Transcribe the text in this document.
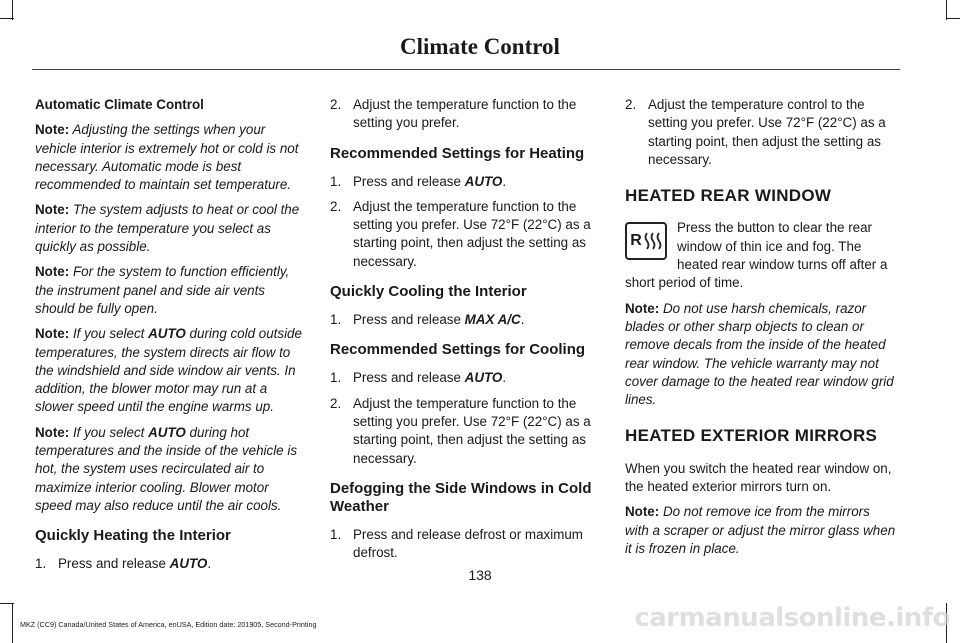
Climate Control

Automatic Climate Control

Note: Adjusting the settings when your vehicle interior is extremely hot or cold is not necessary. Automatic mode is best recommended to maintain set temperature.

Note: The system adjusts to heat or cool the interior to the temperature you select as quickly as possible.

Note: For the system to function efficiently, the instrument panel and side air vents should be fully open.

Note: If you select AUTO during cold outside temperatures, the system directs air flow to the windshield and side window air vents. In addition, the blower motor may run at a slower speed until the engine warms up.

Note: If you select AUTO during hot temperatures and the inside of the vehicle is hot, the system uses recirculated air to maximize interior cooling. Blower motor speed may also reduce until the air cools.

Quickly Heating the Interior
1. Press and release AUTO.
2. Adjust the temperature function to the setting you prefer.
Recommended Settings for Heating
1. Press and release AUTO.
2. Adjust the temperature function to the setting you prefer. Use 72°F (22°C) as a starting point, then adjust the setting as necessary.
Quickly Cooling the Interior
1. Press and release MAX A/C.
Recommended Settings for Cooling
1. Press and release AUTO.
2. Adjust the temperature function to the setting you prefer. Use 72°F (22°C) as a starting point, then adjust the setting as necessary.
Defogging the Side Windows in Cold Weather
1. Press and release defrost or maximum defrost.
2. Adjust the temperature control to the setting you prefer. Use 72°F (22°C) as a starting point, then adjust the setting as necessary.
HEATED REAR WINDOW

R
Press the button to clear the rear window of thin ice and fog. The heated rear window turns off after a short period of time.

Note: Do not use harsh chemicals, razor blades or other sharp objects to clean or remove decals from the inside of the heated rear window. The vehicle warranty may not cover damage to the heated rear window grid lines.

HEATED EXTERIOR MIRRORS

When you switch the heated rear window on, the heated exterior mirrors turn on.

Note: Do not remove ice from the mirrors with a scraper or adjust the mirror glass when it is frozen in place.

138
MKZ (CC9) Canada/United States of America, enUSA, Edition date: 201905, Second-Printing	carmanualsonline.info
